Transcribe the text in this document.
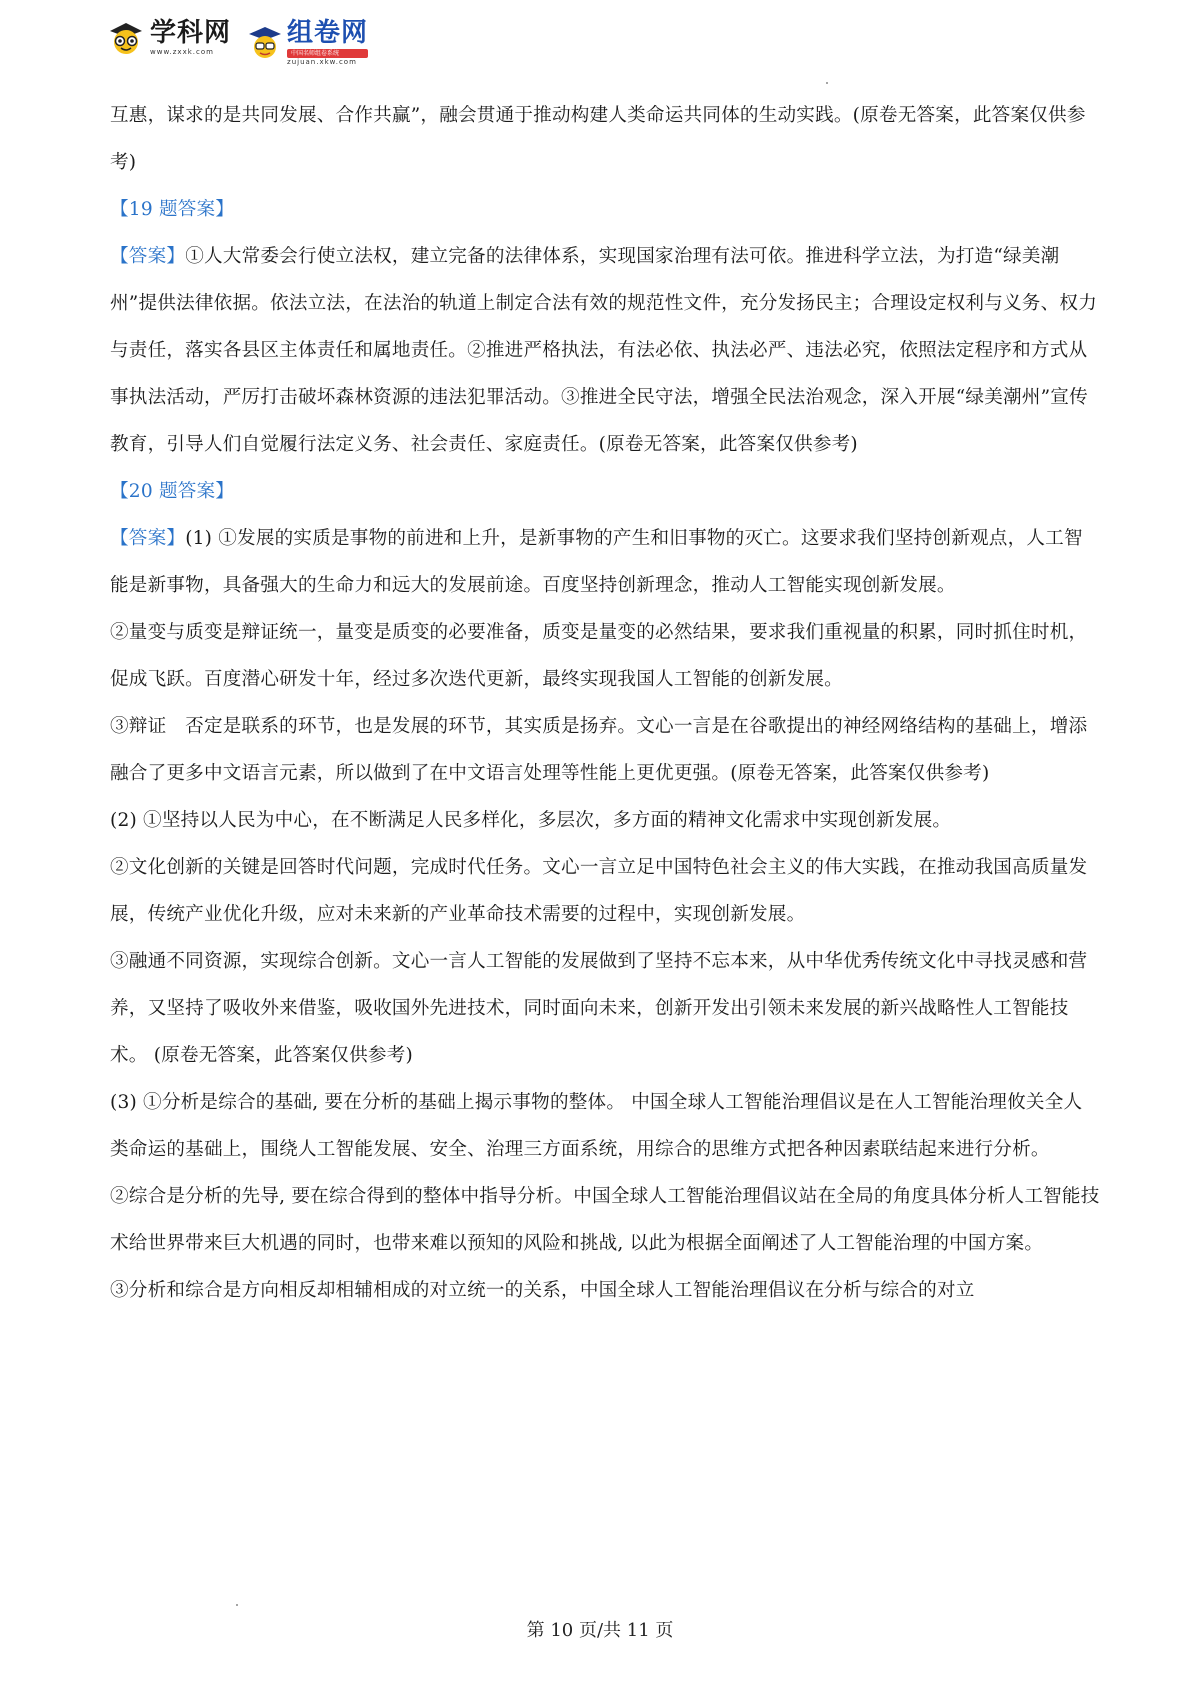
学科网
www.zxxk.com
组卷网
中国名师组卷系统
zujuan.xkw.com

互惠，谋求的是共同发展、合作共赢”，融会贯通于推动构建人类命运共同体的生动实践。(原卷无答案，此答案仅供参考)

【19 题答案】

【答案】①人大常委会行使立法权，建立完备的法律体系，实现国家治理有法可依。推进科学立法，为打造“绿美潮州”提供法律依据。依法立法，在法治的轨道上制定合法有效的规范性文件，充分发扬民主；合理设定权利与义务、权力与责任，落实各县区主体责任和属地责任。②推进严格执法，有法必依、执法必严、违法必究，依照法定程序和方式从事执法活动，严厉打击破坏森林资源的违法犯罪活动。③推进全民守法，增强全民法治观念，深入开展“绿美潮州”宣传教育，引导人们自觉履行法定义务、社会责任、家庭责任。(原卷无答案，此答案仅供参考)

【20 题答案】

【答案】(1) ①发展的实质是事物的前进和上升，是新事物的产生和旧事物的灭亡。这要求我们坚持创新观点，人工智能是新事物，具备强大的生命力和远大的发展前途。百度坚持创新理念，推动人工智能实现创新发展。

②量变与质变是辩证统一，量变是质变的必要准备，质变是量变的必然结果，要求我们重视量的积累，同时抓住时机，促成飞跃。百度潜心研发十年，经过多次迭代更新，最终实现我国人工智能的创新发展。

③辩证　否定是联系的环节，也是发展的环节，其实质是扬弃。文心一言是在谷歌提出的神经网络结构的基础上，增添融合了更多中文语言元素，所以做到了在中文语言处理等性能上更优更强。(原卷无答案，此答案仅供参考)

(2) ①坚持以人民为中心，在不断满足人民多样化，多层次，多方面的精神文化需求中实现创新发展。

②文化创新的关键是回答时代问题，完成时代任务。文心一言立足中国特色社会主义的伟大实践，在推动我国高质量发展，传统产业优化升级，应对未来新的产业革命技术需要的过程中，实现创新发展。

③融通不同资源，实现综合创新。文心一言人工智能的发展做到了坚持不忘本来，从中华优秀传统文化中寻找灵感和营养，又坚持了吸收外来借鉴，吸收国外先进技术，同时面向未来，创新开发出引领未来发展的新兴战略性人工智能技术。 (原卷无答案，此答案仅供参考)

(3) ①分析是综合的基础, 要在分析的基础上揭示事物的整体。 中国全球人工智能治理倡议是在人工智能治理攸关全人类命运的基础上，围绕人工智能发展、安全、治理三方面系统，用综合的思维方式把各种因素联结起来进行分析。

②综合是分析的先导, 要在综合得到的整体中指导分析。中国全球人工智能治理倡议站在全局的角度具体分析人工智能技术给世界带来巨大机遇的同时，也带来难以预知的风险和挑战, 以此为根据全面阐述了人工智能治理的中国方案。

③分析和综合是方向相反却相辅相成的对立统一的关系，中国全球人工智能治理倡议在分析与综合的对立

第 10 页/共 11 页
